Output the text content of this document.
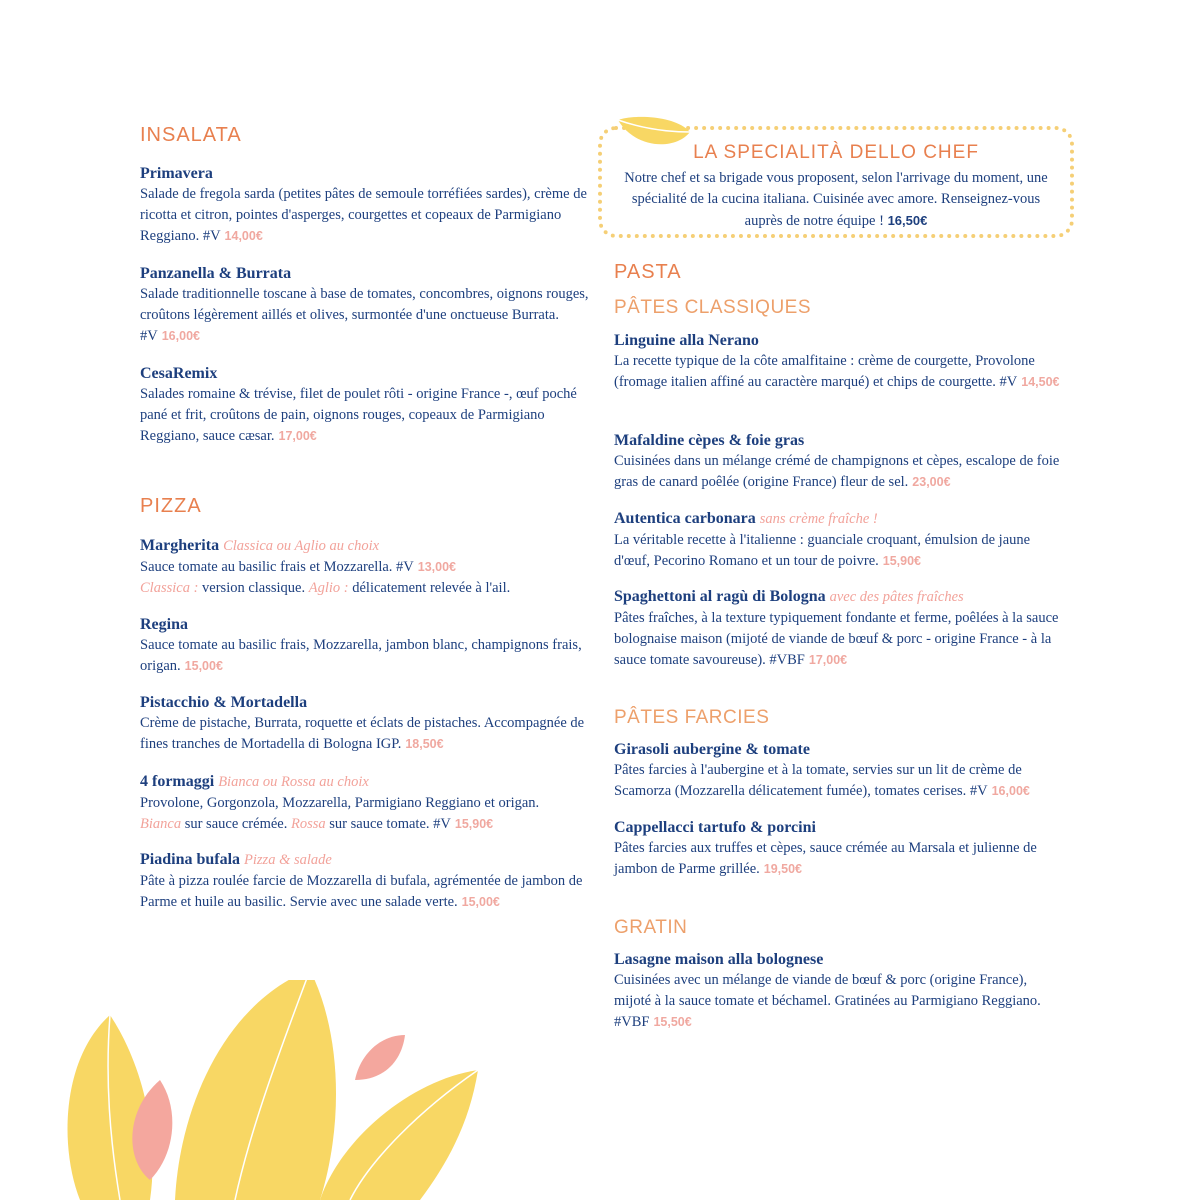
INSALATA
Primavera
Salade de fregola sarda (petites pâtes de semoule torréfiées sardes), crème de ricotta et citron, pointes d'asperges, courgettes et copeaux de Parmigiano Reggiano. #V 14,00€
Panzanella & Burrata
Salade traditionnelle toscane à base de tomates, concombres, oignons rouges, croûtons légèrement aillés et olives, surmontée d'une onctueuse Burrata. #V 16,00€
CesaRemix
Salades romaine & trévise, filet de poulet rôti - origine France -, œuf poché pané et frit, croûtons de pain, oignons rouges, copeaux de Parmigiano Reggiano, sauce cæsar. 17,00€
PIZZA
Margherita Classica ou Aglio au choix
Sauce tomate au basilic frais et Mozzarella. #V 13,00€
Classica : version classique. Aglio : délicatement relevée à l'ail.
Regina
Sauce tomate au basilic frais, Mozzarella, jambon blanc, champignons frais, origan. 15,00€
Pistacchio & Mortadella
Crème de pistache, Burrata, roquette et éclats de pistaches. Accompagnée de fines tranches de Mortadella di Bologna IGP. 18,50€
4 formaggi Bianca ou Rossa au choix
Provolone, Gorgonzola, Mozzarella, Parmigiano Reggiano et origan.
Bianca sur sauce crémée. Rossa sur sauce tomate. #V 15,90€
Piadina bufala Pizza & salade
Pâte à pizza roulée farcie de Mozzarella di bufala, agrémentée de jambon de Parme et huile au basilic. Servie avec une salade verte. 15,00€
LA SPECIALITÀ DELLO CHEF
Notre chef et sa brigade vous proposent, selon l'arrivage du moment, une spécialité de la cucina italiana. Cuisinée avec amore. Renseignez-vous auprès de notre équipe ! 16,50€
PASTA
PÂTES CLASSIQUES
Linguine alla Nerano
La recette typique de la côte amalfitaine : crème de courgette, Provolone (fromage italien affiné au caractère marqué) et chips de courgette. #V 14,50€
Mafaldine cèpes & foie gras
Cuisinées dans un mélange crémé de champignons et cèpes, escalope de foie gras de canard poêlée (origine France) fleur de sel. 23,00€
Autentica carbonara sans crème fraîche !
La véritable recette à l'italienne : guanciale croquant, émulsion de jaune d'œuf, Pecorino Romano et un tour de poivre. 15,90€
Spaghettoni al ragù di Bologna avec des pâtes fraîches
Pâtes fraîches, à la texture typiquement fondante et ferme, poêlées à la sauce bolognaise maison (mijoté de viande de bœuf & porc - origine France - à la sauce tomate savoureuse). #VBF 17,00€
PÂTES FARCIES
Girasoli aubergine & tomate
Pâtes farcies à l'aubergine et à la tomate, servies sur un lit de crème de Scamorza (Mozzarella délicatement fumée), tomates cerises. #V 16,00€
Cappellacci tartufo & porcini
Pâtes farcies aux truffes et cèpes, sauce crémée au Marsala et julienne de jambon de Parme grillée. 19,50€
GRATIN
Lasagne maison alla bolognese
Cuisinées avec un mélange de viande de bœuf & porc (origine France), mijoté à la sauce tomate et béchamel. Gratinées au Parmigiano Reggiano. #VBF 15,50€
